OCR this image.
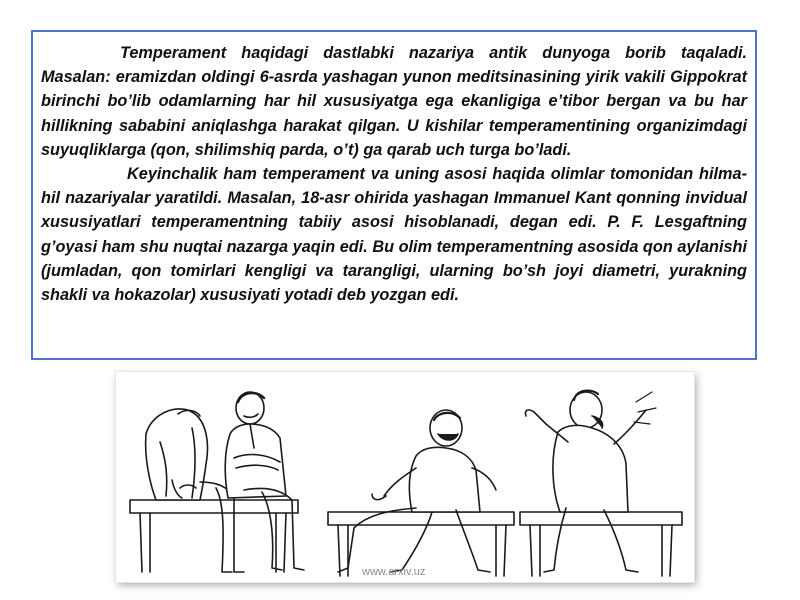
Temperament haqidagi dastlabki nazariya antik dunyoga borib taqaladi. Masalan: eramizdan oldingi 6-asrda yashagan yunon meditsinasining yirik vakili Gippokrat birinchi bo’lib odamlarning har hil xususiyatga ega ekanligiga e’tibor bergan va bu har hillikning sababini aniqlashga harakat qilgan. U kishilar temperamentining organizimdagi suyuqliklarga (qon, shilimshiq parda, o’t) ga qarab uch turga bo’ladi.

Keyinchalik ham temperament va uning asosi haqida olimlar tomonidan hilma-hil nazariyalar yaratildi. Masalan, 18-asr ohirida yashagan Immanuel Kant qonning invidual xususiyatlari temperamentning tabiiy asosi hisoblanadi, degan edi. P. F. Lesgaftning g’oyasi ham shu nuqtai nazarga yaqin edi. Bu olim temperamentning asosida qon aylanishi (jumladan, qon tomirlari kengligi va tarangligi, ularning bo’sh joyi diametri, yurakning shakli va hokazolar) xususiyati yotadi deb yozgan edi.

www.arxiv.uz
